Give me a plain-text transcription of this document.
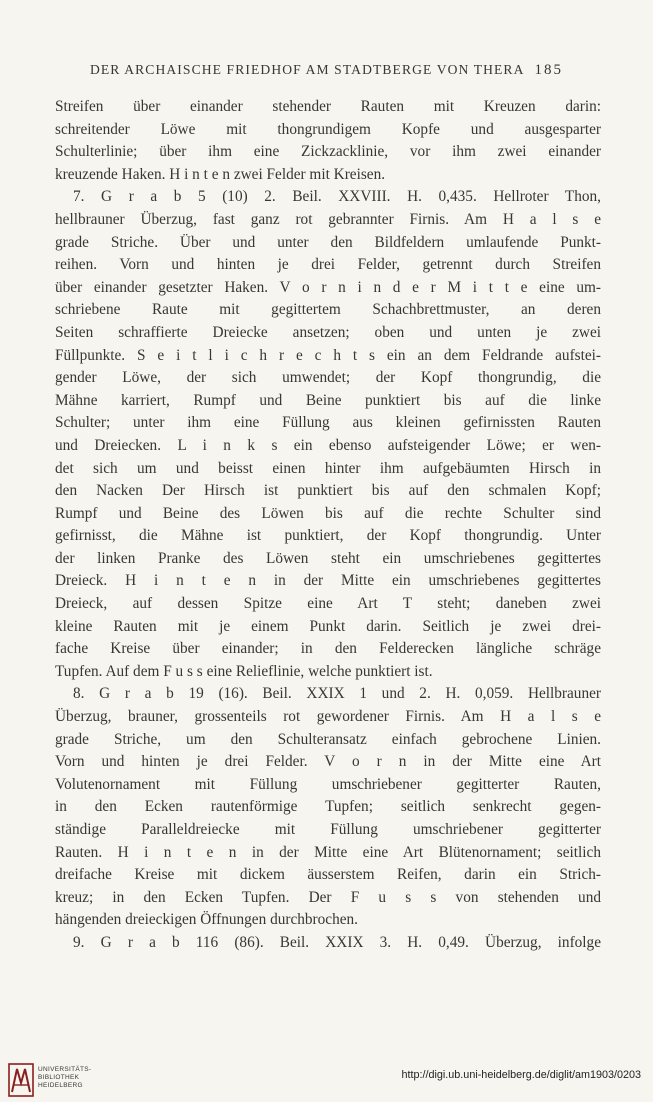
DER ARCHAISCHE FRIEDHOF AM STADTBERGE VON THERA 185
Streifen über einander stehender Rauten mit Kreuzen darin:
schreitender Löwe mit thongrundigem Kopfe und ausgesparter
Schulterlinie; über ihm eine Zickzacklinie, vor ihm zwei einander
kreuzende Haken. H i n t e n zwei Felder mit Kreisen.
7. G r a b 5 (10) 2. Beil. XXVIII. H. 0,435. Hellroter Thon,
hellbrauner Überzug, fast ganz rot gebrannter Firnis. Am H a l s e
grade Striche. Über und unter den Bildfeldern umlaufende Punkt-
reihen. Vorn und hinten je drei Felder, getrennt durch Streifen
über einander gesetzter Haken. V o r n i n d e r M i t t e eine um-
schriebene Raute mit gegittertem Schachbrettmuster, an deren
Seiten schraffierte Dreiecke ansetzen; oben und unten je zwei
Füllpunkte. S e i t l i c h r e c h t s ein an dem Feldrande aufstei-
gender Löwe, der sich umwendet; der Kopf thongrundig, die
Mähne karriert, Rumpf und Beine punktiert bis auf die linke
Schulter; unter ihm eine Füllung aus kleinen gefirnissten Rauten
und Dreiecken. L i n k s ein ebenso aufsteigender Löwe; er wen-
det sich um und beisst einen hinter ihm aufgebäumten Hirsch in
den Nacken Der Hirsch ist punktiert bis auf den schmalen Kopf;
Rumpf und Beine des Löwen bis auf die rechte Schulter sind
gefirnisst, die Mähne ist punktiert, der Kopf thongrundig. Unter
der linken Pranke des Löwen steht ein umschriebenes gegittertes
Dreieck. H i n t e n in der Mitte ein umschriebenes gegittertes
Dreieck, auf dessen Spitze eine Art T steht; daneben zwei
kleine Rauten mit je einem Punkt darin. Seitlich je zwei drei-
fache Kreise über einander; in den Felderecken längliche schräge
Tupfen. Auf dem F u s s eine Relieflinie, welche punktiert ist.
8. G r a b 19 (16). Beil. XXIX 1 und 2. H. 0,059. Hellbrauner
Überzug, brauner, grossenteils rot gewordener Firnis. Am H a l s e
grade Striche, um den Schulteransatz einfach gebrochene Linien.
Vorn und hinten je drei Felder. V o r n in der Mitte eine Art
Volutenornament mit Füllung umschriebener gegitterter Rauten,
in den Ecken rautenförmige Tupfen; seitlich senkrecht gegen-
ständige Paralleldreiecke mit Füllung umschriebener gegitterter
Rauten. H i n t e n in der Mitte eine Art Blütenornament; seitlich
dreifache Kreise mit dickem äusserstem Reifen, darin ein Strich-
kreuz; in den Ecken Tupfen. Der F u s s von stehenden und
hängenden dreieckigen Öffnungen durchbrochen.
9. G r a b 116 (86). Beil. XXIX 3. H. 0,49. Überzug, infolge
UNIVERSITÄTS-
BIBLIOTHEK
HEIDELBERG
http://digi.ub.uni-heidelberg.de/diglit/am1903/0203
